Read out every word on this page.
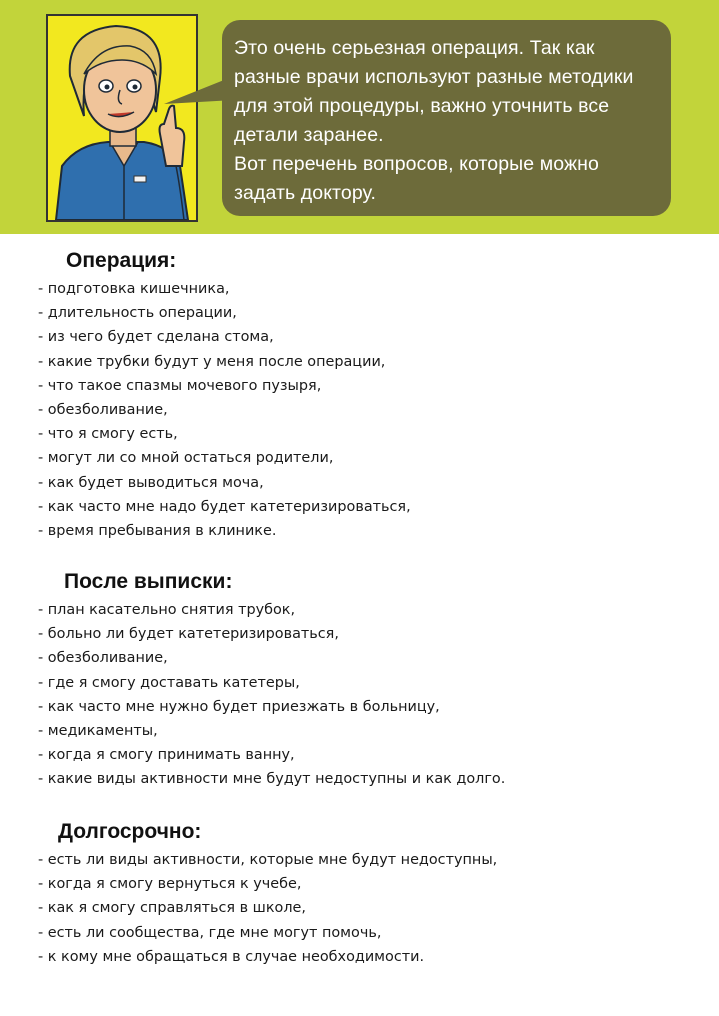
Это очень серьезная операция. Так как разные врачи используют разные методики для этой процедуры, важно уточнить все детали заранее.
Вот перечень вопросов, которые можно задать доктору.
Операция:
- подготовка кишечника,
- длительность операции,
- из чего будет сделана стома,
- какие трубки будут у меня после операции,
- что такое спазмы мочевого пузыря,
- обезболивание,
- что я смогу есть,
- могут ли со мной остаться родители,
- как будет выводиться моча,
- как часто мне надо будет катетеризироваться,
- время пребывания в клинике.
После выписки:
- план касательно снятия трубок,
- больно ли будет катетеризироваться,
- обезболивание,
- где я смогу доставать катетеры,
- как часто мне нужно будет приезжать в больницу,
- медикаменты,
- когда я смогу принимать ванну,
- какие виды активности мне будут недоступны и как долго.
Долгосрочно:
- есть ли виды активности, которые мне будут недоступны,
- когда я смогу вернуться к учебе,
- как я смогу справляться в школе,
- есть ли сообщества, где мне могут помочь,
- к кому мне обращаться в случае необходимости.
